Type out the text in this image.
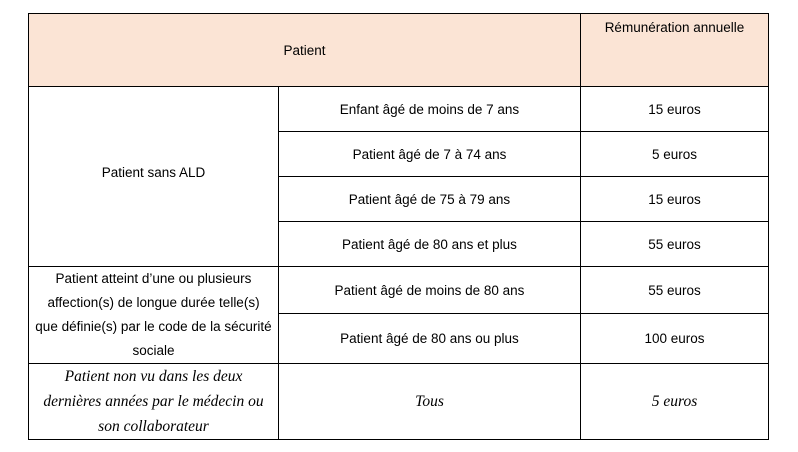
Patient		Rémunération annuelle
Patient sans ALD	Enfant âgé de moins de 7 ans	15 euros
	Patient âgé de 7 à 74 ans	5 euros
	Patient âgé de 75 à 79 ans	15 euros
	Patient âgé de 80 ans et plus	55 euros
Patient atteint d’une ou plusieurs affection(s) de longue durée telle(s) que définie(s) par le code de la sécurité sociale	Patient âgé de moins de 80 ans	55 euros
	Patient âgé de 80 ans ou plus	100 euros
Patient non vu dans les deux dernières années par le médecin ou son collaborateur	Tous	5 euros
